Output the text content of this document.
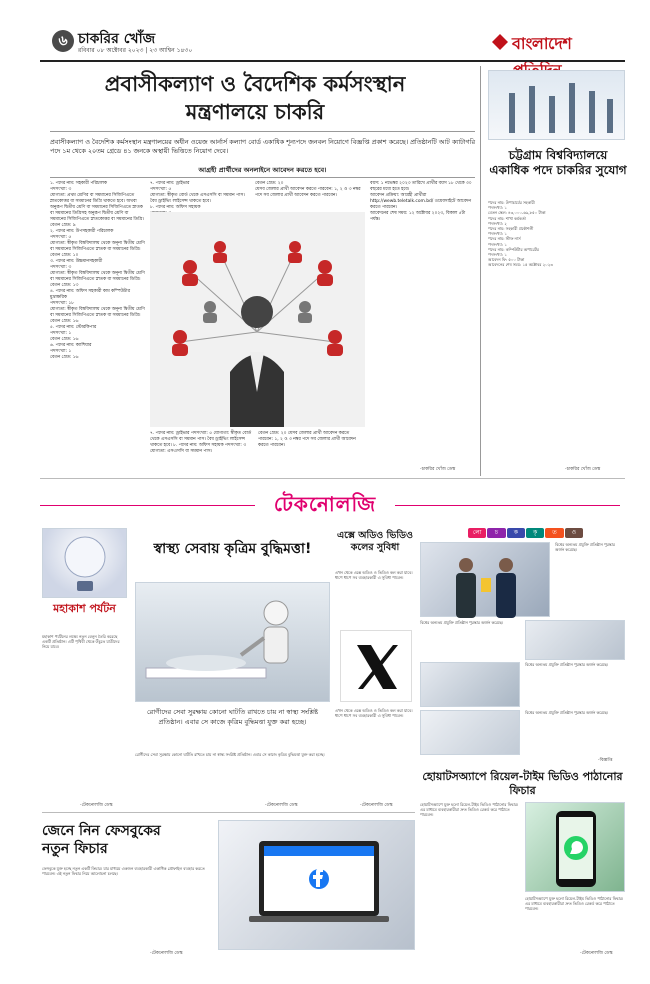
৬ চাকরির খোঁজ
রবিবার ০৮ অক্টোবর ২০২৩ | ২৩ আশ্বিন ১৪৩০	বাংলাদেশ
প্রবাসীকল্যাণ ও বৈদেশিক কর্মসংস্থান
মন্ত্রণালয়ে চাকরি
প্রবাসীকল্যাণ ও বৈদেশিক কর্মসংস্থান মন্ত্রণালয়ের অধীন ওয়েজ আর্নার্স কল্যাণ বোর্ড একাধিক শূন্যপদে জনবল নিয়োগে বিজ্ঞপ্তি প্রকাশ করেছে। প্রতিষ্ঠানটি আট ক্যাটাগরি পদে ১ম থেকে ২০তম গ্রেডে ৪১ জনকে অস্থায়ী ভিত্তিতে নিয়োগ দেবে।
আগ্রহী প্রার্থীদের অনলাইনে আবেদন করতে হবে।
১. পদের নাম: সহকারী পরিচালক
পদসংখ্যা: ৩
যোগ্যতা: প্রথম শ্রেণির বা সমমানের সিজিপিএতে স্নাতকোত্তর বা সমমানের ডিগ্রি থাকতে হবে। অথবা অনুরূপ দ্বিতীয় শ্রেণি বা সমমানের সিজিপিএতে স্নাতক বা সমমানের ডিগ্রিসহ অনুরূপ দ্বিতীয় শ্রেণি বা সমমানের সিজিপিএতে স্নাতকোত্তর বা সমমানের ডিগ্রি।
বেতন গ্রেড: ৯
২. পদের নাম: উপসহকারী পরিচালক
পদসংখ্যা: ৫
যোগ্যতা: স্বীকৃত বিশ্ববিদ্যালয় থেকে অনূন্য দ্বিতীয় শ্রেণি বা সমমানের সিজিপিএতে স্নাতক বা সমমানের ডিগ্রি।
বেতন গ্রেড: ১০
৩. পদের নাম: উচ্চমানসহকারী
পদসংখ্যা: ৩
যোগ্যতা: স্বীকৃত বিশ্ববিদ্যালয় থেকে অনূন্য দ্বিতীয় শ্রেণি বা সমমানের সিজিপিএতে স্নাতক বা সমমানের ডিগ্রি।
বেতন গ্রেড: ১৩
৪. পদের নাম: অফিস সহকারী কাম কম্পিউটার মুদ্রাক্ষরিক
পদসংখ্যা: ১৮
যোগ্যতা: স্বীকৃত বিশ্ববিদ্যালয় থেকে অনূন্য দ্বিতীয় শ্রেণি বা সমমানের সিজিপিএতে স্নাতক বা সমমানের ডিগ্রি।
বেতন গ্রেড: ১৬
৫. পদের নাম: স্টোরকিপার
পদসংখ্যা: ১
বেতন গ্রেড: ১৬
৬. পদের নাম: ক্যাশিয়ার
পদসংখ্যা: ১
বেতন গ্রেড: ১৬
৭. পদের নাম: ড্রাইভার
পদসংখ্যা: ৫
যোগ্যতা: স্বীকৃত বোর্ড থেকে এসএসসি বা সমমান পাস। বৈধ ড্রাইভিং লাইসেন্স থাকতে হবে।
৮. পদের নাম: অফিস সহায়ক

বেতন গ্রেড: ২০
যেসব জেলার প্রার্থী আবেদন করতে পারবেন: ১, ২ ও ৩ নম্বর পদে সব জেলার প্রার্থী আবেদন করতে পারবেন।
বয়স: ১ নভেম্বর ২০২৩ তারিখে প্রার্থীর বয়স ১৮ থেকে ৩০ বছরের মধ্যে হতে হবে।
আবেদন প্রক্রিয়া: আগ্রহী প্রার্থীরা http://wewb.teletalk.com.bd/ ওয়েবসাইটে আবেদন করতে পারবেন।
আবেদনের শেষ সময়: ১২ অক্টোবর ২০২৩, বিকাল ৫টা পর্যন্ত।
-চাকরির খোঁজ ডেস্ক
৭. পদের নাম: ড্রাইভার পদসংখ্যা: ৫ যোগ্যতা: স্বীকৃত বোর্ড থেকে এসএসসি বা সমমান পাস। বৈধ ড্রাইভিং লাইসেন্স থাকতে হবে। ৮. পদের নাম: অফিস সহায়ক পদসংখ্যা: ৩ যোগ্যতা: এসএসসি বা সমমান পাস।
বেতন গ্রেড: ২০ যেসব জেলার প্রার্থী আবেদন করতে পারবেন: ১, ২ ও ৩ নম্বর পদে সব জেলার প্রার্থী আবেদন করতে পারবেন।
চট্টগ্রাম বিশ্ববিদ্যালয়ে একাধিক পদে চাকরির সুযোগ
পদের নাম: উপাচার্যের সহকারী
পদসংখ্যা: ১
বেতন স্কেল: ৪৩,০০০-৬৯,৮৫০ টাকা
পদের নাম: শাখা কর্মকর্তা
পদসংখ্যা: ২
পদের নাম: সহকারী প্রকৌশলী
পদসংখ্যা: ১
পদের নাম: স্টাফ নার্স
পদসংখ্যা: ১
পদের নাম: কম্পিউটার অপারেটর
পদসংখ্যা: ১
আবেদন ফি: ৫০০ টাকা
আবেদনের শেষ সময়: ১৫ অক্টোবর ২০২৩
-চাকরির খোঁজ ডেস্ক
টেকনোলজি
মহাকাশ পর্যটন
মহাকাশ পর্যটনের লক্ষ্যে নতুন বেলুন তৈরি করেছে একটি প্রতিষ্ঠান। এটি পৃথিবী থেকে উঁচুতে যাত্রীদের নিয়ে যাবে।
-টেকনোলজি ডেস্ক
স্বাস্থ্য সেবায় কৃত্রিম বুদ্ধিমত্তা!
রোগীদের সেবা সুরক্ষায় কোনো ঘাটতি রাখতে চায় না স্বাস্থ্য সংশ্লিষ্ট প্রতিষ্ঠান। এবার সে কাজে কৃত্রিম বুদ্ধিমত্তা যুক্ত করা হচ্ছে।
রোগীদের সেবা সুরক্ষায় কোনো ঘাটতি রাখতে চায় না স্বাস্থ্য সংশ্লিষ্ট প্রতিষ্ঠান। এবার সে কাজে কৃত্রিম বুদ্ধিমত্তা যুক্ত করা হচ্ছে।
-টেকনোলজি ডেস্ক
এক্সে অডিও ভিডিও কলের সুবিধা
এখন থেকে এক্সে অডিও ও ভিডিও কল করা যাবে। ধাপে ধাপে সব ব্যবহারকারী এ সুবিধা পাবেন।
এখন থেকে এক্সে অডিও ও ভিডিও কল করা যাবে। ধাপে ধাপে সব ব্যবহারকারী এ সুবিধা পাবেন।
-টেকনোলজি ডেস্ক
লো	চ	ক	কৃ	ত	ও
বিশ্বের অন্যতম প্রযুক্তি প্রতিষ্ঠান পুরস্কার অর্জন করেছে।
বিশ্বের অন্যতম প্রযুক্তি প্রতিষ্ঠান পুরস্কার অর্জন করেছে।
বিশ্বের অন্যতম প্রযুক্তি প্রতিষ্ঠান পুরস্কার অর্জন করেছে।
বিশ্বের অন্যতম প্রযুক্তি প্রতিষ্ঠান পুরস্কার অর্জন করেছে।
-বিজ্ঞপ্তি
হোয়াটসঅ্যাপে রিয়েল-টাইম ভিডিও পাঠানোর ফিচার
হোয়াটসঅ্যাপে যুক্ত হলো রিয়েল-টাইম ভিডিও পাঠানোর ফিচার। এর মাধ্যমে ব্যবহারকারীরা দ্রুত ভিডিও রেকর্ড করে পাঠাতে পারবেন।
হোয়াটসঅ্যাপে যুক্ত হলো রিয়েল-টাইম ভিডিও পাঠানোর ফিচার। এর মাধ্যমে ব্যবহারকারীরা দ্রুত ভিডিও রেকর্ড করে পাঠাতে পারবেন।
-টেকনোলজি ডেস্ক
জেনে নিন ফেসবুকের
নতুন ফিচার
ফেসবুকে যুক্ত হচ্ছে নতুন একটি ফিচার। যার মাধ্যমে একজন ব্যবহারকারী একাধিক প্রোফাইল ব্যবহার করতে পারবেন। এই নতুন ফিচার নিয়ে আলোচনা চলছে।
-টেকনোলজি ডেস্ক
